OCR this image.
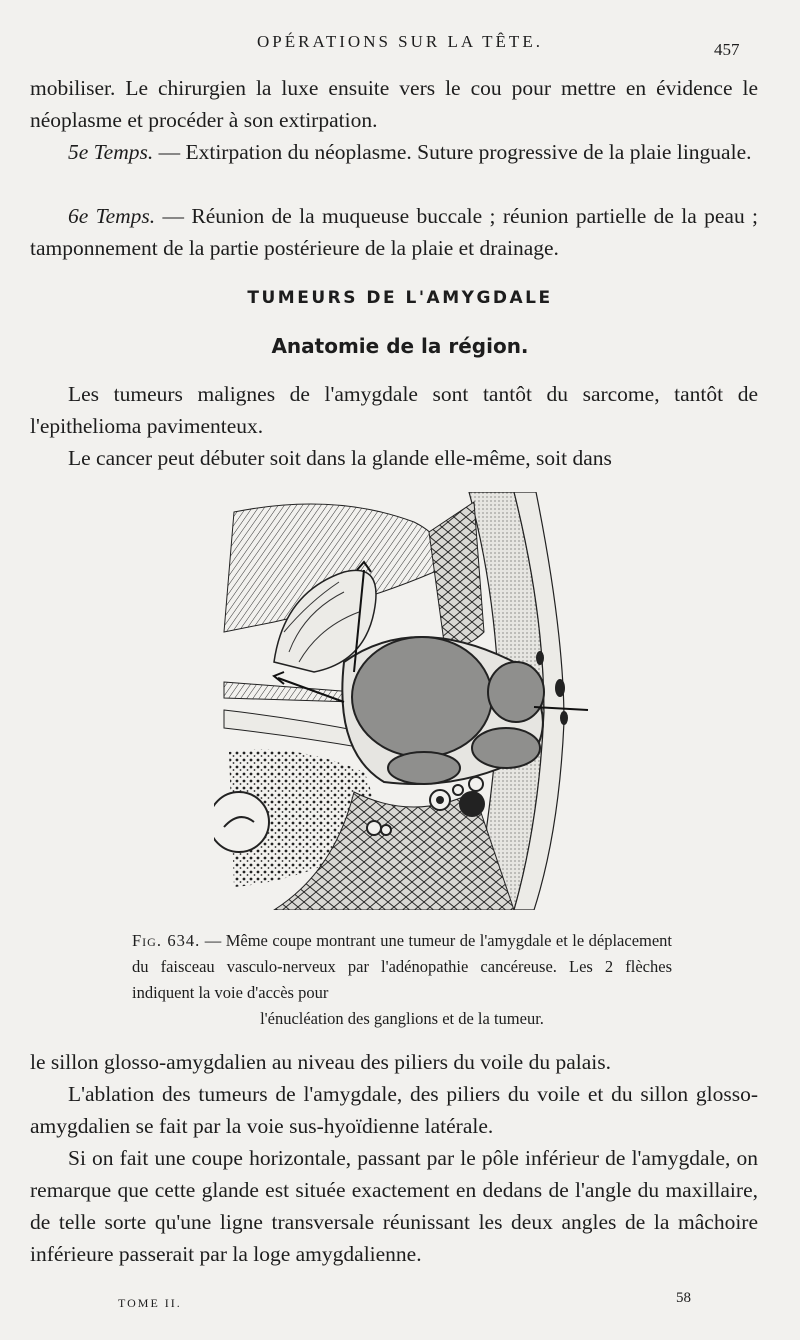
OPÉRATIONS SUR LA TÊTE.	457

mobiliser. Le chirurgien la luxe ensuite vers le cou pour mettre en évidence le néoplasme et procéder à son extirpation.

5e Temps. — Extirpation du néoplasme. Suture progressive de la plaie linguale.

6e Temps. — Réunion de la muqueuse buccale ; réunion partielle de la peau ; tamponnement de la partie postérieure de la plaie et drainage.

TUMEURS DE L'AMYGDALE
Anatomie de la région.

Les tumeurs malignes de l'amygdale sont tantôt du sarcome, tantôt de l'epithelioma pavimenteux.

Le cancer peut débuter soit dans la glande elle-même, soit dans

Fig. 634. — Même coupe montrant une tumeur de l'amygdale et le déplacement du faisceau vasculo-nerveux par l'adénopathie cancéreuse. Les 2 flèches indiquent la voie d'accès pour
l'énucléation des ganglions et de la tumeur.

le sillon glosso-amygdalien au niveau des piliers du voile du palais.

L'ablation des tumeurs de l'amygdale, des piliers du voile et du sillon glosso-amygdalien se fait par la voie sus-hyoïdienne latérale.

Si on fait une coupe horizontale, passant par le pôle inférieur de l'amygdale, on remarque que cette glande est située exactement en dedans de l'angle du maxillaire, de telle sorte qu'une ligne transversale réunissant les deux angles de la mâchoire inférieure passerait par la loge amygdalienne.

TOME II.	58
